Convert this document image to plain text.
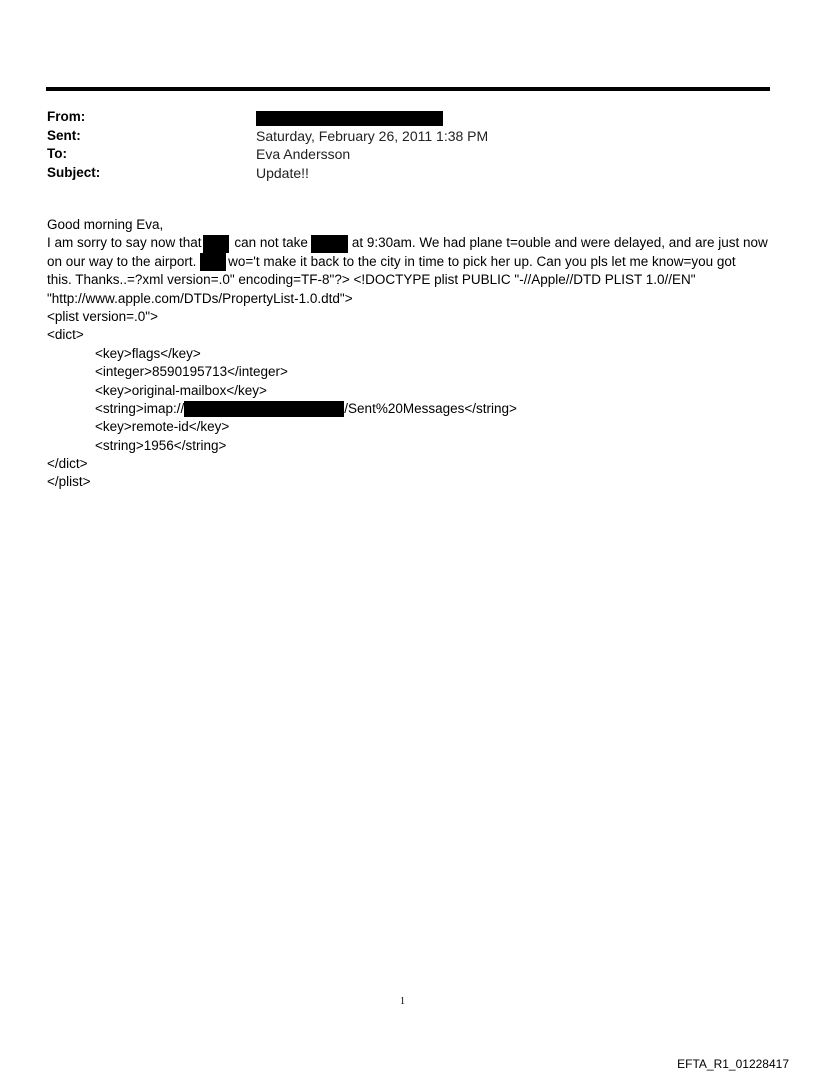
From:
Sent:	Saturday, February 26, 2011 1:38 PM
To:	Eva Andersson
Subject:	Update!!
Good morning Eva,
I am sorry to say now that can not take	at 9:30am. We had plane t=ouble and were delayed, and are just now
on our way to the airport. wo='t make it back to the city in time to pick her up. Can you pls let me know=you got
this. Thanks..=?xml version=.0" encoding=TF-8"?> <!DOCTYPE plist PUBLIC "-//Apple//DTD PLIST 1.0//EN"
"http://www.apple.com/DTDs/PropertyList-1.0.dtd">
<plist version=.0">
<dict>
<key>flags</key>
<integer>8590195713</integer>
<key>original-mailbox</key>
<string>imap://	/Sent%20Messages</string>
<key>remote-id</key>
<string>1956</string>
</dict>
</plist>
1
EFTA_R1_01228417
